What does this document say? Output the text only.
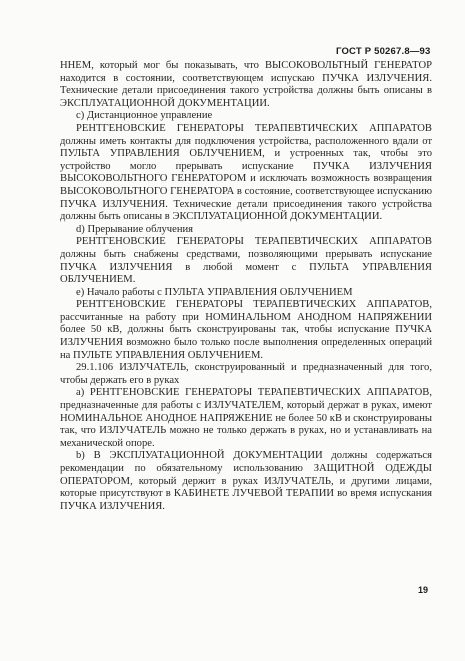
ГОСТ Р 50267.8—93

ННЕМ, который мог бы показывать, что ВЫСОКОВОЛЬТНЫЙ ГЕНЕРАТОР находится в состоянии, соответствующем испускаю ПУЧКА ИЗЛУЧЕНИЯ. Технические детали присоединения такого устройства должны быть описаны в ЭКСПЛУАТАЦИОННОЙ ДОКУМЕНТАЦИИ.

c) Дистанционное управление

РЕНТГЕНОВСКИЕ ГЕНЕРАТОРЫ ТЕРАПЕВТИЧЕСКИХ АППАРАТОВ должны иметь контакты для подключения устройства, расположенного вдали от ПУЛЬТА УПРАВЛЕНИЯ ОБЛУЧЕНИЕМ, и устроенных так, чтобы это устройство могло прерывать испускание ПУЧКА ИЗЛУЧЕНИЯ ВЫСОКОВОЛЬТНОГО ГЕНЕРАТОРОМ и исключать возможность возвращения ВЫСОКОВОЛЬТНОГО ГЕНЕРАТОРА в состояние, соответствующее испусканию ПУЧКА ИЗЛУЧЕНИЯ. Технические детали присоединения такого устройства должны быть описаны в ЭКСПЛУАТАЦИОННОЙ ДОКУМЕНТАЦИИ.

d) Прерывание облучения

РЕНТГЕНОВСКИЕ ГЕНЕРАТОРЫ ТЕРАПЕВТИЧЕСКИХ АППАРАТОВ должны быть снабжены средствами, позволяющими прерывать испускание ПУЧКА ИЗЛУЧЕНИЯ в любой момент с ПУЛЬТА УПРАВЛЕНИЯ ОБЛУЧЕНИЕМ.

e) Начало работы с ПУЛЬТА УПРАВЛЕНИЯ ОБЛУЧЕНИЕМ

РЕНТГЕНОВСКИЕ ГЕНЕРАТОРЫ ТЕРАПЕВТИЧЕСКИХ АППАРАТОВ, рассчитанные на работу при НОМИНАЛЬНОМ АНОДНОМ НАПРЯЖЕНИИ более 50 кВ, должны быть сконструированы так, чтобы испускание ПУЧКА ИЗЛУЧЕНИЯ возможно было только после выполнения определенных операций на ПУЛЬТЕ УПРАВЛЕНИЯ ОБЛУЧЕНИЕМ.

29.1.106 ИЗЛУЧАТЕЛЬ, сконструированный и предназначенный для того, чтобы держать его в руках

a) РЕНТГЕНОВСКИЕ ГЕНЕРАТОРЫ ТЕРАПЕВТИЧЕСКИХ АППАРАТОВ, предназначенные для работы с ИЗЛУЧАТЕЛЕМ, который держат в руках, имеют НОМИНАЛЬНОЕ АНОДНОЕ НАПРЯЖЕНИЕ не более 50 кВ и сконструированы так, что ИЗЛУЧАТЕЛЬ можно не только держать в руках, но и устанавливать на механической опоре.

b) В ЭКСПЛУАТАЦИОННОЙ ДОКУМЕНТАЦИИ должны содержаться рекомендации по обязательному использованию ЗАЩИТНОЙ ОДЕЖДЫ ОПЕРАТОРОМ, который держит в руках ИЗЛУЧАТЕЛЬ, и другими лицами, которые присутствуют в КАБИНЕТЕ ЛУЧЕВОЙ ТЕРАПИИ во время испускания ПУЧКА ИЗЛУЧЕНИЯ.

19
